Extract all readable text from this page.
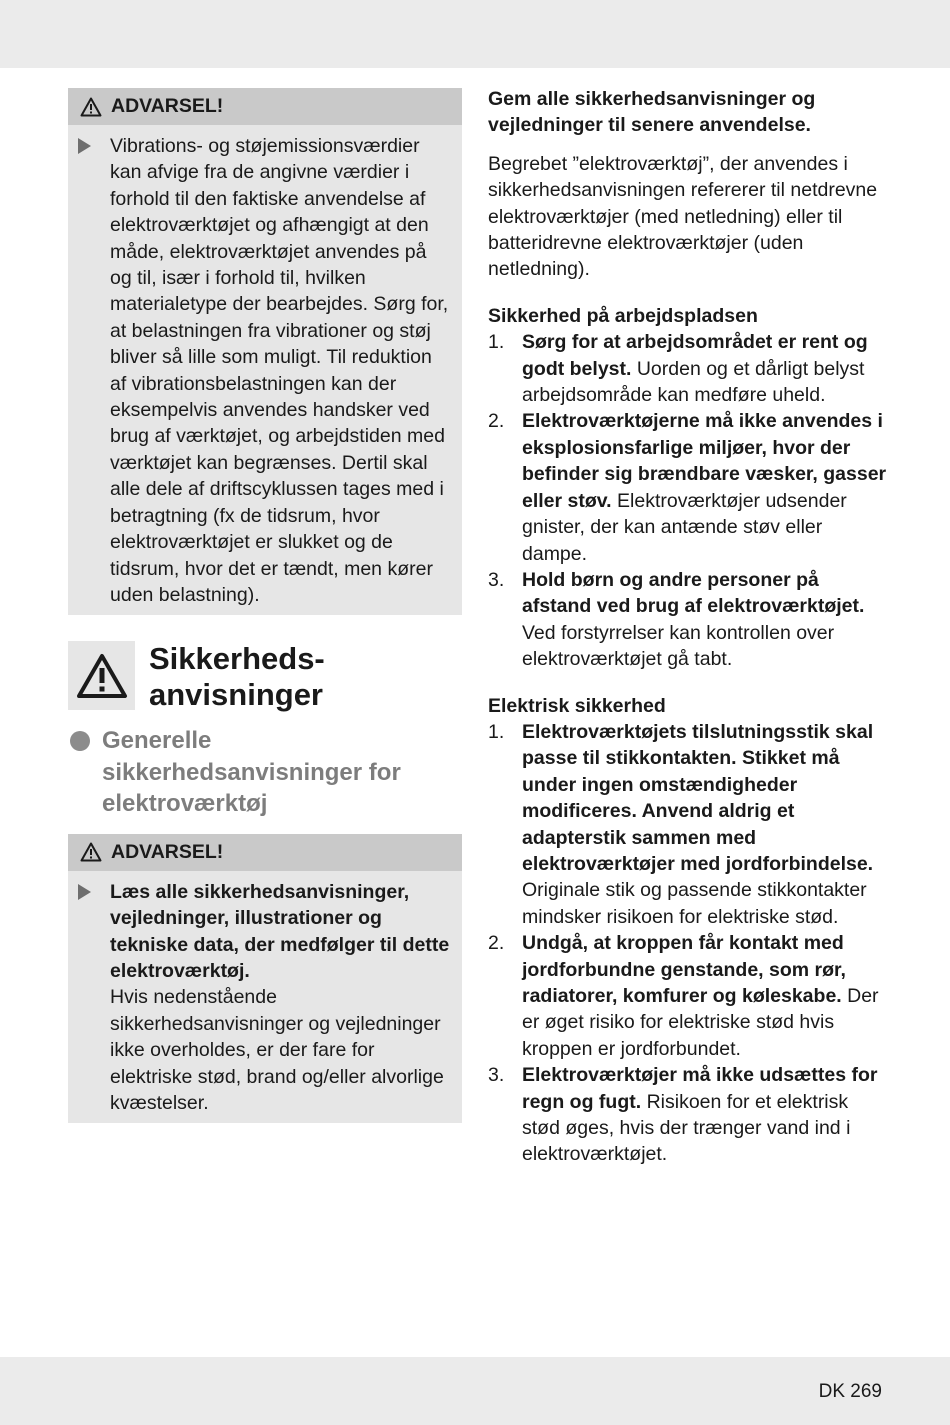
ADVARSEL!
Vibrations- og støjemissionsværdier kan afvige fra de angivne værdier i forhold til den faktiske anvendelse af elektroværktøjet og afhængigt at den måde, elektroværktøjet anvendes på og til, især i forhold til, hvilken materialetype der bearbejdes. Sørg for, at belastningen fra vibrationer og støj bliver så lille som muligt. Til reduktion af vibrationsbelastningen kan der eksempelvis anvendes handsker ved brug af værktøjet, og arbejdstiden med værktøjet kan begrænses. Dertil skal alle dele af driftscyklussen tages med i betragtning (fx de tidsrum, hvor elektroværktøjet er slukket og de tidsrum, hvor det er tændt, men kører uden belastning).
Sikkerheds-
anvisninger
Generelle
sikkerhedsanvisninger for
elektroværktøj
ADVARSEL!
Læs alle sikkerhedsanvisninger, vejledninger, illustrationer og tekniske data, der medfølger til dette elektroværktøj.
Hvis nedenstående sikkerhedsanvisninger og vejledninger ikke overholdes, er der fare for elektriske stød, brand og/eller alvorlige kvæstelser.
Gem alle sikkerhedsanvisninger og vejledninger til senere anvendelse.
Begrebet ”elektroværktøj”, der anvendes i sikkerhedsanvisningen refererer til netdrevne elektroværktøjer (med netledning) eller til batteridrevne elektroværktøjer (uden netledning).
Sikkerhed på arbejdspladsen
1. Sørg for at arbejdsområdet er rent og godt belyst. Uorden og et dårligt belyst arbejdsområde kan medføre uheld.
2. Elektroværktøjerne må ikke anvendes i eksplosionsfarlige miljøer, hvor der befinder sig brændbare væsker, gasser eller støv. Elektroværktøjer udsender gnister, der kan antænde støv eller dampe.
3. Hold børn og andre personer på afstand ved brug af elektroværktøjet. Ved forstyrrelser kan kontrollen over elektroværktøjet gå tabt.
Elektrisk sikkerhed
1. Elektroværktøjets tilslutningsstik skal passe til stikkontakten. Stikket må under ingen omstændigheder modificeres. Anvend aldrig et adapterstik sammen med elektroværktøjer med jordforbindelse. Originale stik og passende stikkontakter mindsker risikoen for elektriske stød.
2. Undgå, at kroppen får kontakt med jordforbundne genstande, som rør, radiatorer, komfurer og køleskabe. Der er øget risiko for elektriske stød hvis kroppen er jordforbundet.
3. Elektroværktøjer må ikke udsættes for regn og fugt. Risikoen for et elektrisk stød øges, hvis der trænger vand ind i elektroværktøjet.
DK 269
